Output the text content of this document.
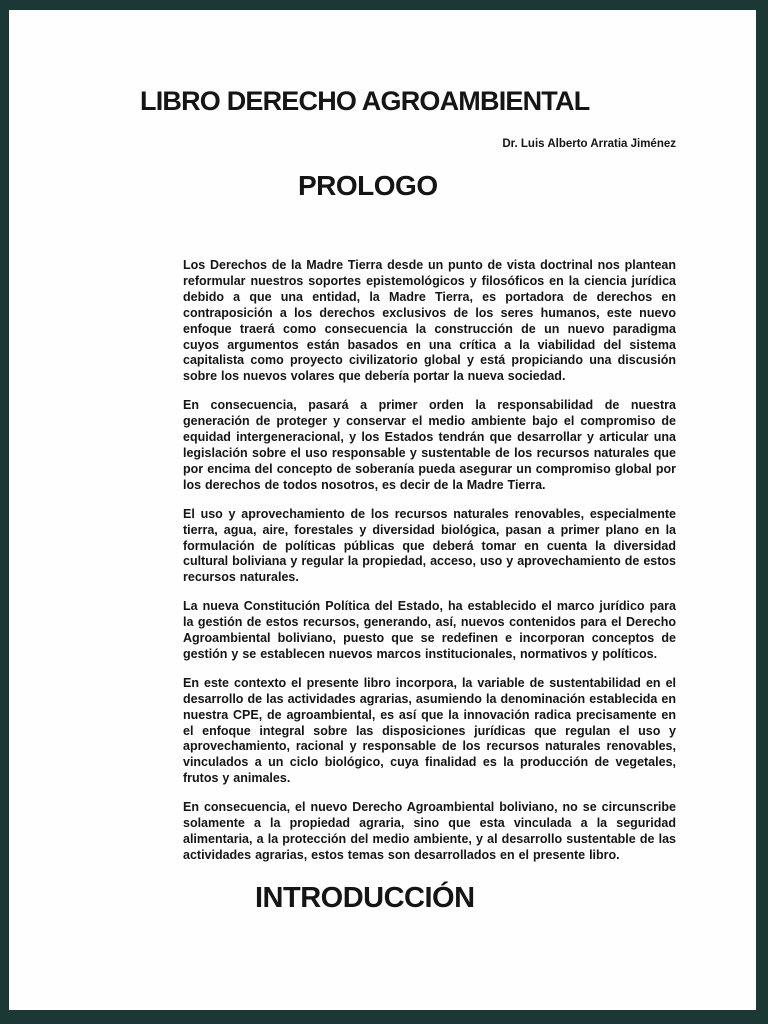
LIBRO DERECHO AGROAMBIENTAL
Dr. Luis Alberto Arratia Jiménez
PROLOGO

Los Derechos de la Madre Tierra desde un punto de vista doctrinal nos plantean reformular nuestros soportes epistemológicos y filosóficos en la ciencia jurídica debido a que una entidad, la Madre Tierra, es portadora de derechos en contraposición a los derechos exclusivos de los seres humanos, este nuevo enfoque traerá como consecuencia la construcción de un nuevo paradigma cuyos argumentos están basados en una crítica a la viabilidad del sistema capitalista como proyecto civilizatorio global y está propiciando una discusión sobre los nuevos volares que debería portar la nueva sociedad.

En consecuencia, pasará a primer orden la responsabilidad de nuestra generación de proteger y conservar el medio ambiente bajo el compromiso de equidad intergeneracional, y los Estados tendrán que desarrollar y articular una legislación sobre el uso responsable y sustentable de los recursos naturales que por encima del concepto de soberanía pueda asegurar un compromiso global por los derechos de todos nosotros, es decir de la Madre Tierra.

El uso y aprovechamiento de los recursos naturales renovables, especialmente tierra, agua, aire, forestales y diversidad biológica, pasan a primer plano en la formulación de políticas públicas que deberá tomar en cuenta la diversidad cultural boliviana y regular la propiedad, acceso, uso y aprovechamiento de estos recursos naturales.

La nueva Constitución Política del Estado, ha establecido el marco jurídico para la gestión de estos recursos, generando, así, nuevos contenidos para el Derecho Agroambiental boliviano, puesto que se redefinen e incorporan conceptos de gestión y se establecen nuevos marcos institucionales, normativos y políticos.

En este contexto el presente libro incorpora, la variable de sustentabilidad en el desarrollo de las actividades agrarias, asumiendo la denominación establecida en nuestra CPE, de agroambiental, es así que la innovación radica precisamente en el enfoque integral sobre las disposiciones jurídicas que regulan el uso y aprovechamiento, racional y responsable de los recursos naturales renovables, vinculados a un ciclo biológico, cuya finalidad es la producción de vegetales, frutos y animales.

En consecuencia, el nuevo Derecho Agroambiental boliviano, no se circunscribe solamente a la propiedad agraria, sino que esta vinculada a la seguridad alimentaria, a la protección del medio ambiente, y al desarrollo sustentable de las actividades agrarias, estos temas son desarrollados en el presente libro.

INTRODUCCIÓN
